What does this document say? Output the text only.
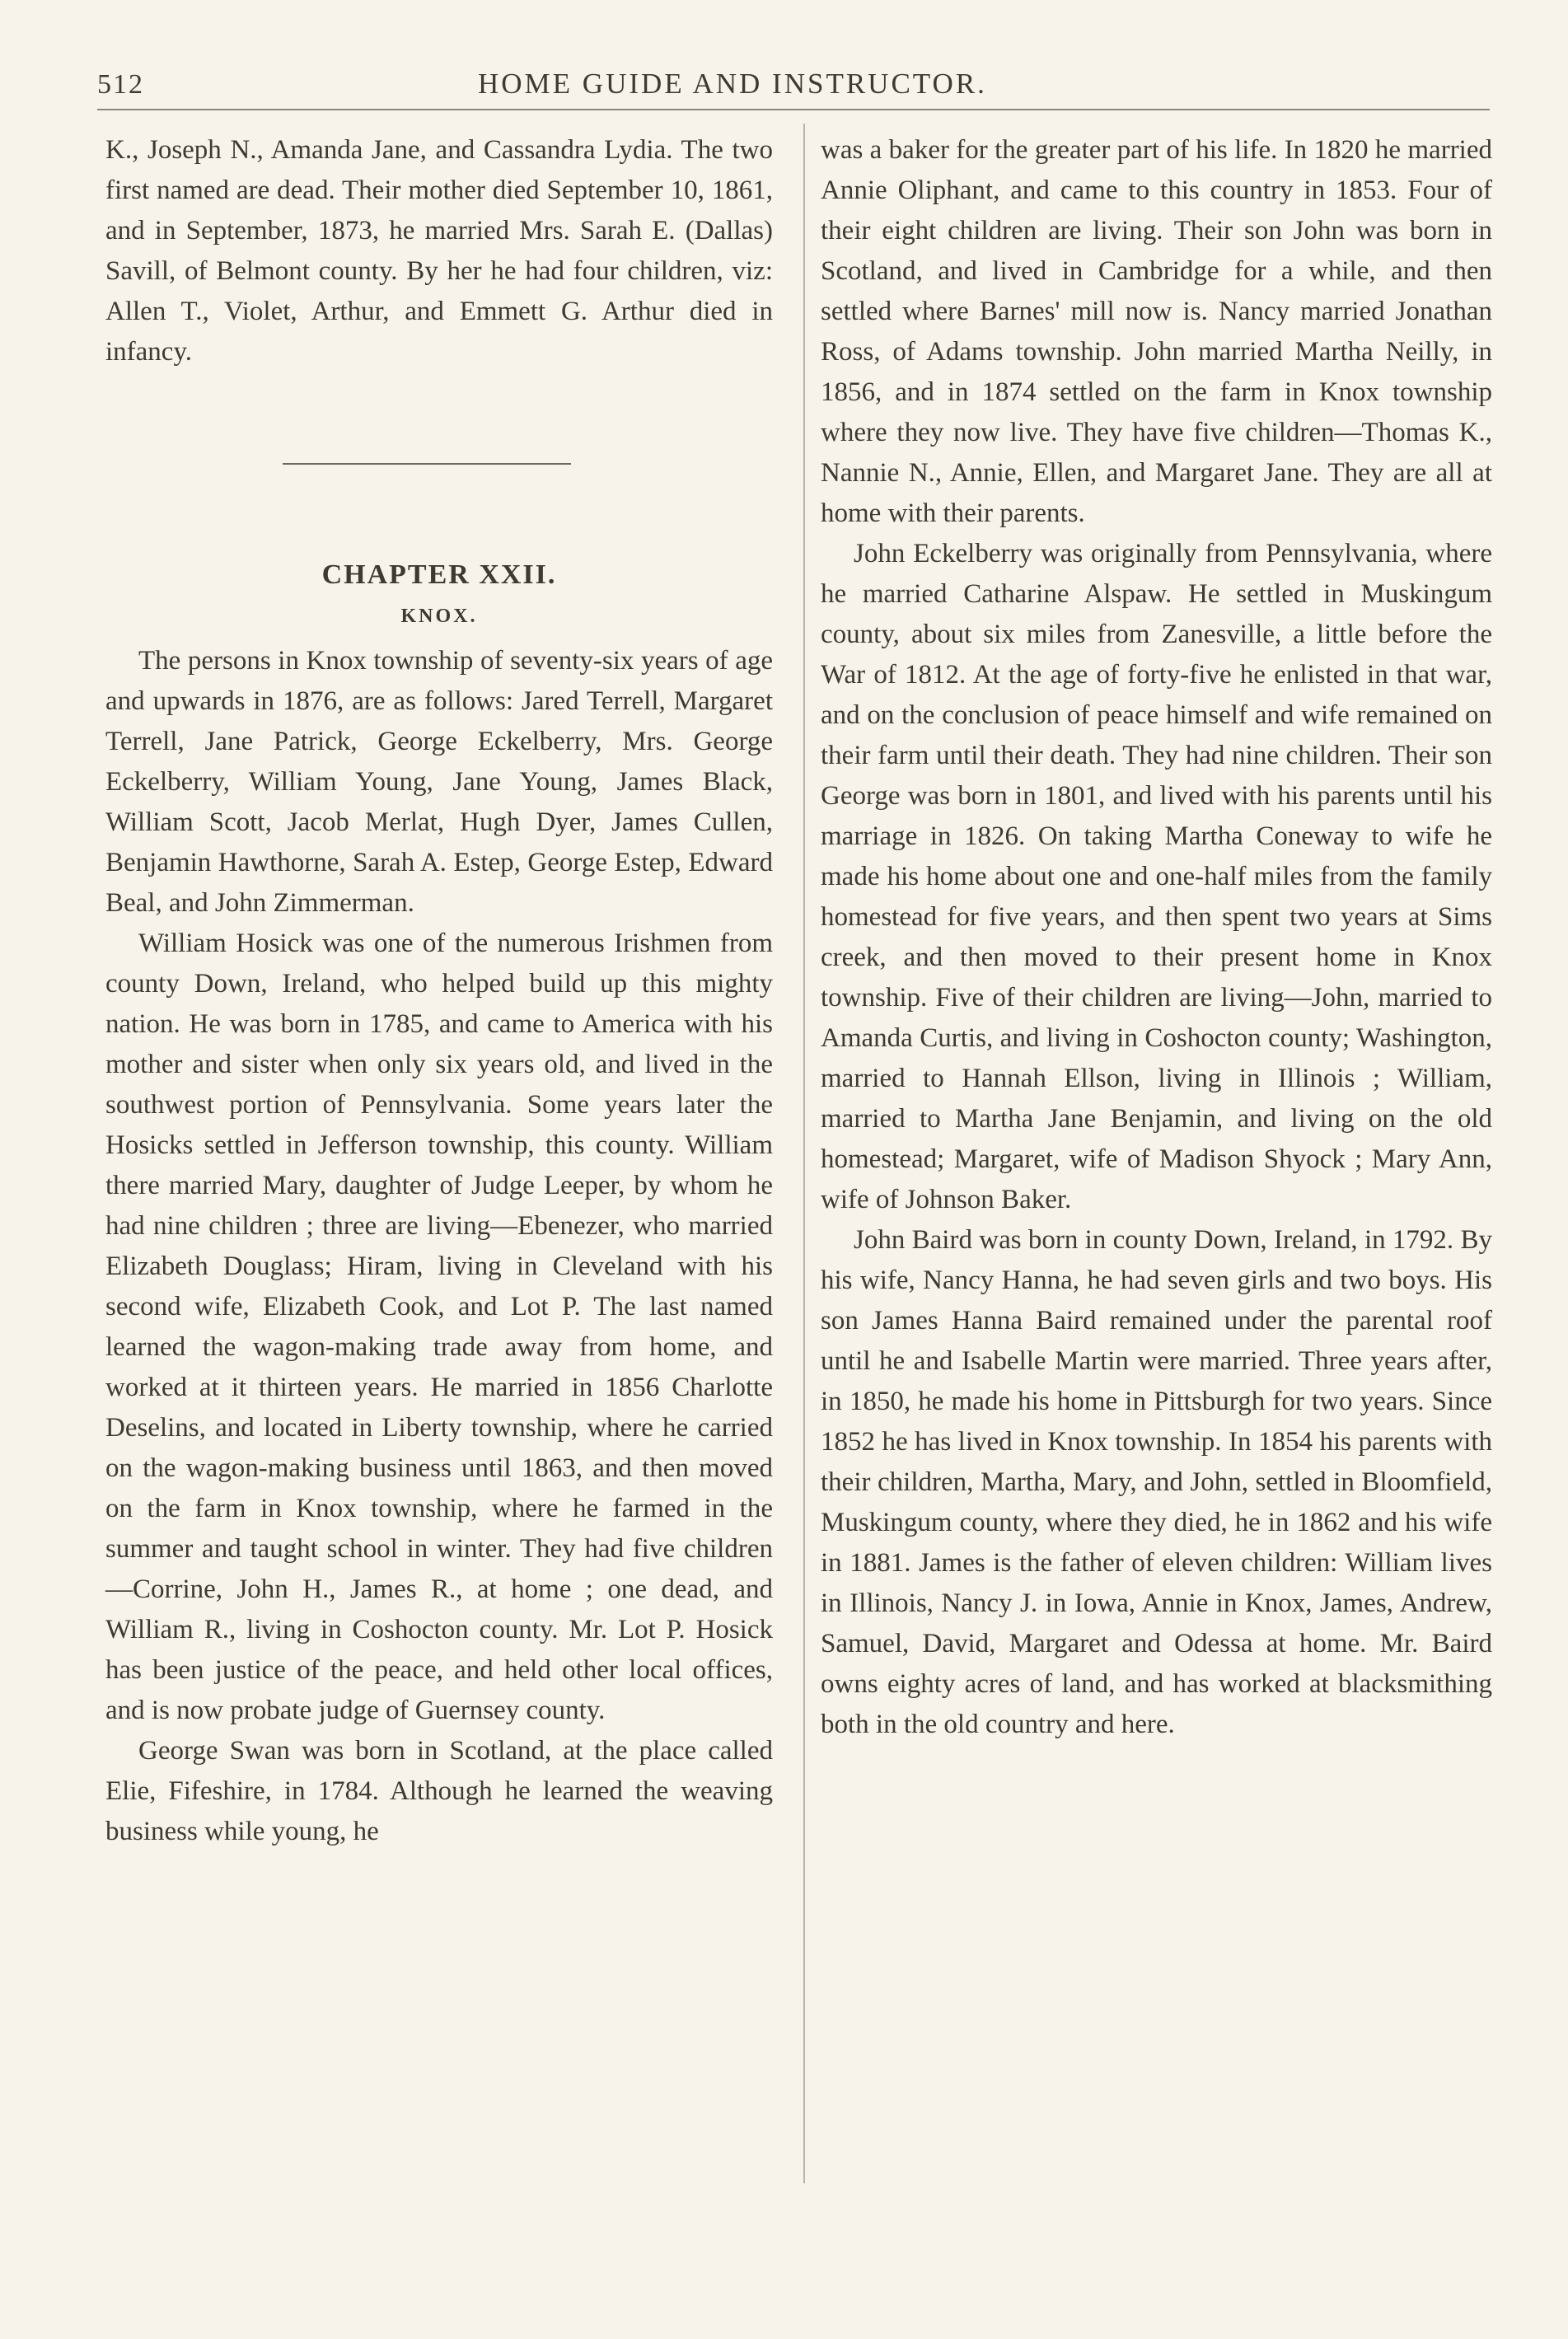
512	HOME GUIDE AND INSTRUCTOR.

K., Joseph N., Amanda Jane, and Cassandra Lydia. The two first named are dead. Their mother died September 10, 1861, and in September, 1873, he married Mrs. Sarah E. (Dallas) Savill, of Belmont county. By her he had four children, viz: Allen T., Violet, Arthur, and Emmett G. Arthur died in infancy.

CHAPTER XXII.
KNOX.

The persons in Knox township of seventy-six years of age and upwards in 1876, are as follows: Jared Terrell, Margaret Terrell, Jane Patrick, George Eckelberry, Mrs. George Eckelberry, William Young, Jane Young, James Black, William Scott, Jacob Merlat, Hugh Dyer, James Cullen, Benjamin Hawthorne, Sarah A. Estep, George Estep, Edward Beal, and John Zimmerman.

William Hosick was one of the numerous Irishmen from county Down, Ireland, who helped build up this mighty nation. He was born in 1785, and came to America with his mother and sister when only six years old, and lived in the southwest portion of Pennsylvania. Some years later the Hosicks settled in Jefferson township, this county. William there married Mary, daughter of Judge Leeper, by whom he had nine children ; three are living—Ebenezer, who married Elizabeth Douglass; Hiram, living in Cleveland with his second wife, Elizabeth Cook, and Lot P. The last named learned the wagon-making trade away from home, and worked at it thirteen years. He married in 1856 Charlotte Deselins, and located in Liberty township, where he carried on the wagon-making business until 1863, and then moved on the farm in Knox township, where he farmed in the summer and taught school in winter. They had five children—Corrine, John H., James R., at home ; one dead, and William R., living in Coshocton county. Mr. Lot P. Hosick has been justice of the peace, and held other local offices, and is now probate judge of Guernsey county.

George Swan was born in Scotland, at the place called Elie, Fifeshire, in 1784. Although he learned the weaving business while young, he

was a baker for the greater part of his life. In 1820 he married Annie Oliphant, and came to this country in 1853. Four of their eight children are living. Their son John was born in Scotland, and lived in Cambridge for a while, and then settled where Barnes' mill now is. Nancy married Jonathan Ross, of Adams township. John married Martha Neilly, in 1856, and in 1874 settled on the farm in Knox township where they now live. They have five children—Thomas K., Nannie N., Annie, Ellen, and Margaret Jane. They are all at home with their parents.

John Eckelberry was originally from Pennsylvania, where he married Catharine Alspaw. He settled in Muskingum county, about six miles from Zanesville, a little before the War of 1812. At the age of forty-five he enlisted in that war, and on the conclusion of peace himself and wife remained on their farm until their death. They had nine children. Their son George was born in 1801, and lived with his parents until his marriage in 1826. On taking Martha Coneway to wife he made his home about one and one-half miles from the family homestead for five years, and then spent two years at Sims creek, and then moved to their present home in Knox township. Five of their children are living—John, married to Amanda Curtis, and living in Coshocton county; Washington, married to Hannah Ellson, living in Illinois ; William, married to Martha Jane Benjamin, and living on the old homestead; Margaret, wife of Madison Shyock ; Mary Ann, wife of Johnson Baker.

John Baird was born in county Down, Ireland, in 1792. By his wife, Nancy Hanna, he had seven girls and two boys. His son James Hanna Baird remained under the parental roof until he and Isabelle Martin were married. Three years after, in 1850, he made his home in Pittsburgh for two years. Since 1852 he has lived in Knox township. In 1854 his parents with their children, Martha, Mary, and John, settled in Bloomfield, Muskingum county, where they died, he in 1862 and his wife in 1881. James is the father of eleven children: William lives in Illinois, Nancy J. in Iowa, Annie in Knox, James, Andrew, Samuel, David, Margaret and Odessa at home. Mr. Baird owns eighty acres of land, and has worked at blacksmithing both in the old country and here.
